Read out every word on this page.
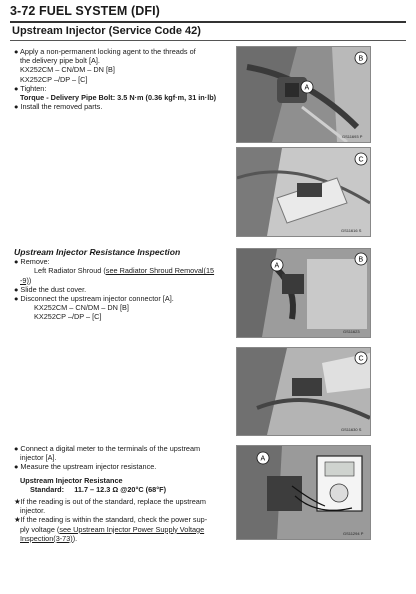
3-72 FUEL SYSTEM (DFI)
Upstream Injector (Service Code 42)
● Apply a non-permanent locking agent to the threads of
the delivery pipe bolt [A].
KX252CM – CN/DM – DN [B]
KX252CP –/DP – [C]
● Tighten:
Torque - Delivery Pipe Bolt: 3.5 N·m (0.36 kgf·m, 31 in·lb)
● Install the removed parts.
Upstream Injector Resistance Inspection
● Remove:
Left Radiator Shroud (see Radiator Shroud Removal(15
-9))
● Slide the dust cover.
● Disconnect the upstream injector connector [A].
KX252CM – CN/DM – DN [B]
KX252CP –/DP – [C]
● Connect a digital meter to the terminals of the upstream
injector [A].
● Measure the upstream injector resistance.
Upstream Injector Resistance
Standard: 11.7 – 12.3 Ω @20°C (68°F)
★If the reading is out of the standard, replace the upstream
injector.
★If the reading is within the standard, check the power sup-
ply voltage (see Upstream Injector Power Supply Voltage
Inspection(3-73)).
A
B
GS11693 P
C
GS11616 S
A
B
GS11623
C
GS11630 S
A
GS11294 P
